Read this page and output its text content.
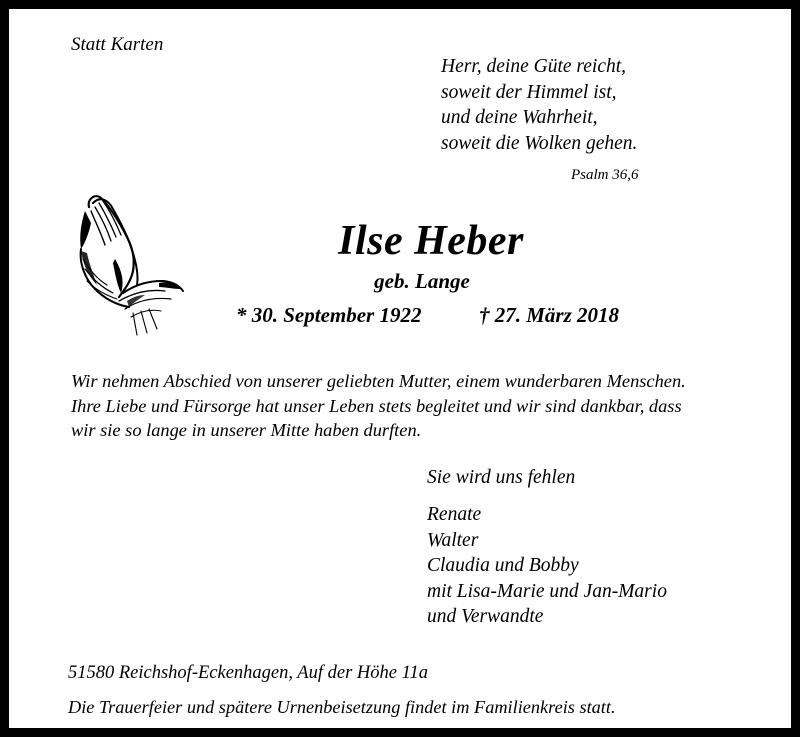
Statt Karten
Herr, deine Güte reicht,
soweit der Himmel ist,
und deine Wahrheit,
soweit die Wolken gehen.
Psalm 36,6
Ilse Heber
geb. Lange
* 30. September 1922	† 27. März 2018
Wir nehmen Abschied von unserer geliebten Mutter, einem wunderbaren Menschen.
Ihre Liebe und Fürsorge hat unser Leben stets begleitet und wir sind dankbar, dass
wir sie so lange in unserer Mitte haben durften.
Sie wird uns fehlen
Renate
Walter
Claudia und Bobby
mit Lisa-Marie und Jan-Mario
und Verwandte
51580 Reichshof-Eckenhagen, Auf der Höhe 11a
Die Trauerfeier und spätere Urnenbeisetzung findet im Familienkreis statt.
